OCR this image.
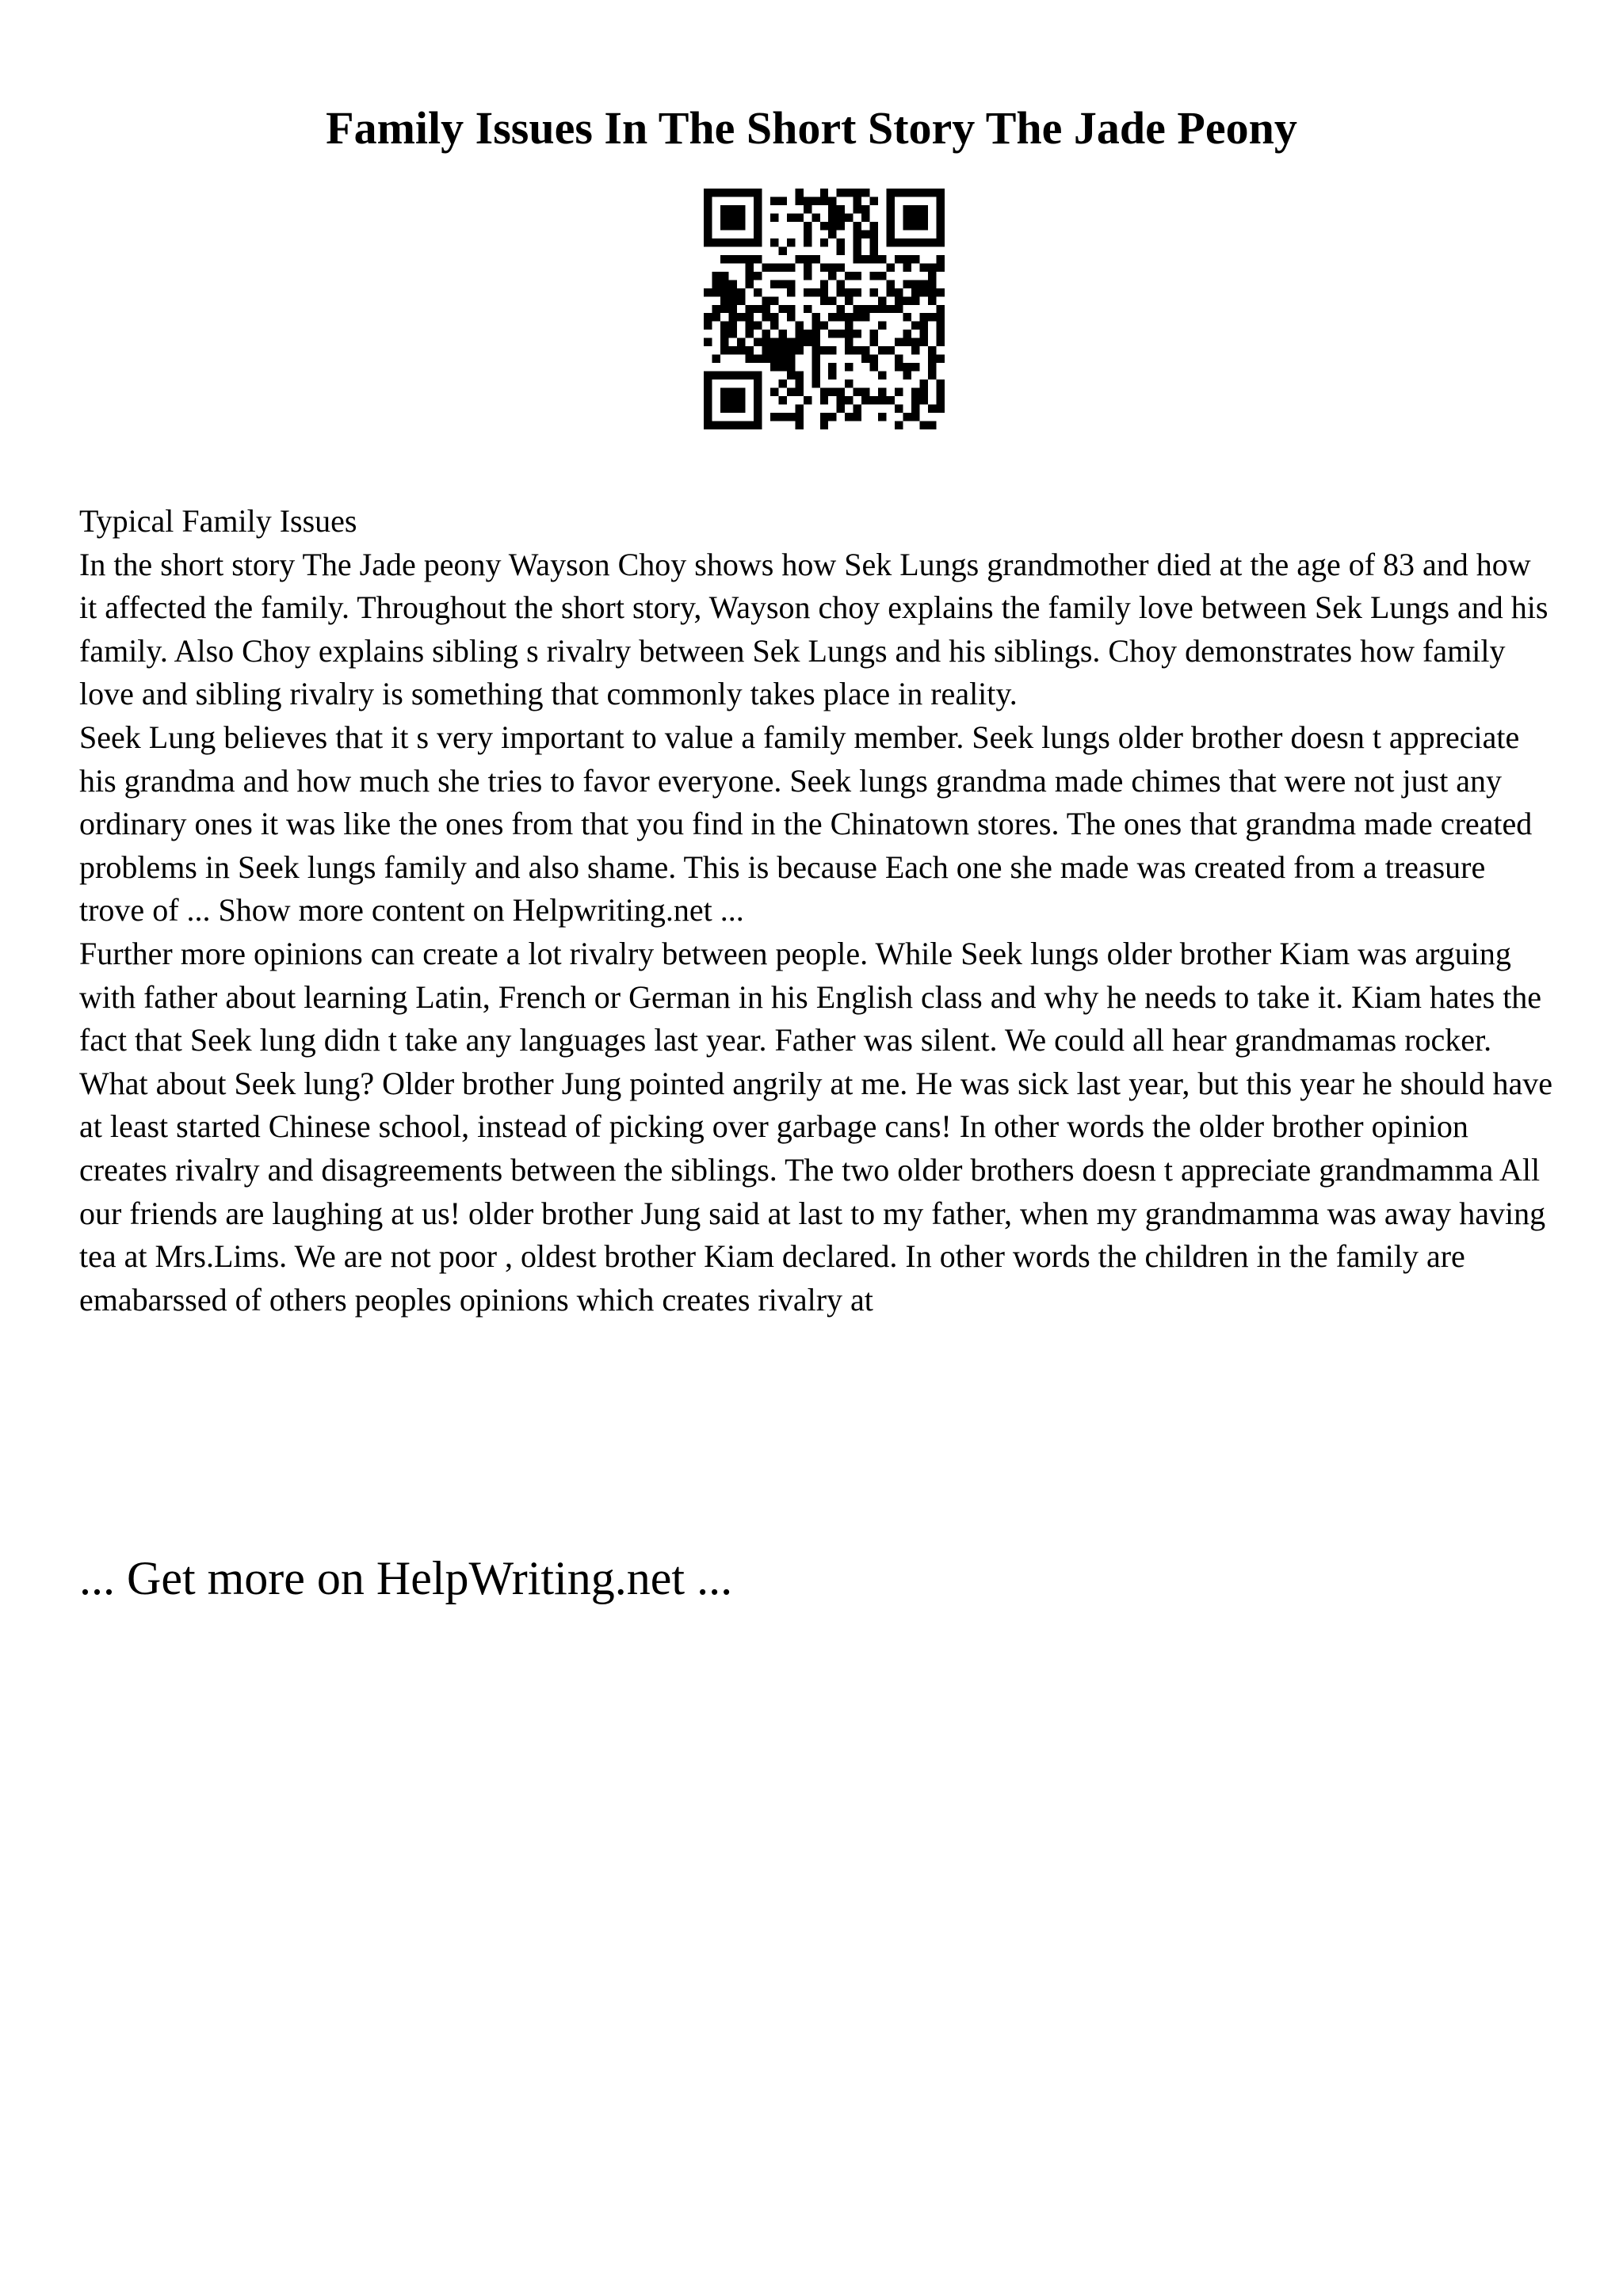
Family Issues In The Short Story The Jade Peony

Typical Family Issues

In the short story The Jade peony Wayson Choy shows how Sek Lungs grandmother died at the age of 83 and how it affected the family. Throughout the short story, Wayson choy explains the family love between Sek Lungs and his family. Also Choy explains sibling s rivalry between Sek Lungs and his siblings. Choy demonstrates how family love and sibling rivalry is something that commonly takes place in reality.

Seek Lung believes that it s very important to value a family member. Seek lungs older brother doesn t appreciate his grandma and how much she tries to favor everyone. Seek lungs grandma made chimes that were not just any ordinary ones it was like the ones from that you find in the Chinatown stores. The ones that grandma made created problems in Seek lungs family and also shame. This is because Each one she made was created from a treasure trove of ... Show more content on Helpwriting.net ...

Further more opinions can create a lot rivalry between people. While Seek lungs older brother Kiam was arguing with father about learning Latin, French or German in his English class and why he needs to take it. Kiam hates the fact that Seek lung didn t take any languages last year. Father was silent. We could all hear grandmamas rocker. What about Seek lung? Older brother Jung pointed angrily at me. He was sick last year, but this year he should have at least started Chinese school, instead of picking over garbage cans! In other words the older brother opinion creates rivalry and disagreements between the siblings. The two older brothers doesn t appreciate grandmamma All our friends are laughing at us! older brother Jung said at last to my father, when my grandmamma was away having tea at Mrs.Lims. We are not poor , oldest brother Kiam declared. In other words the children in the family are emabarssed of others peoples opinions which creates rivalry at

... Get more on HelpWriting.net ...
